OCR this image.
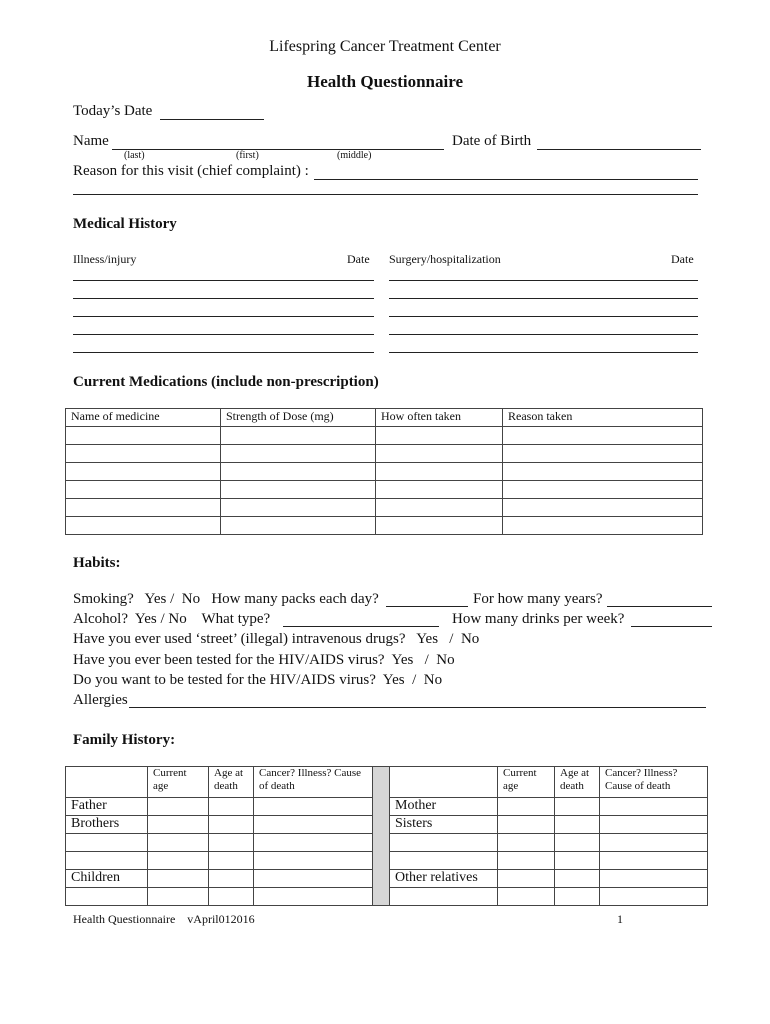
Lifespring Cancer Treatment Center
Health Questionnaire
Today’s Date
Name	Date of Birth
(last)	(first)	(middle)
Reason for this visit (chief complaint) :
Medical History
Illness/injury	Date Surgery/hospitalization	Date
Current Medications (include non-prescription)
Name of medicine	Strength of Dose (mg)	How often taken	Reason taken

Habits:
Smoking?   Yes /  No   How many packs each day?	For how many years?
Alcohol?  Yes / No    What type?	How many drinks per week?
Have you ever used ‘street’ (illegal) intravenous drugs?   Yes   /  No
Have you ever been tested for the HIV/AIDS virus?  Yes   /  No
Do you want to be tested for the HIV/AIDS virus?  Yes  /  No
Allergies
Family History:
	Current age	Age at death	Cancer? Illness? Cause of death			Current age	Age at death	Cancer? Illness? Cause of death
Father					Mother			
Brothers					Sisters			

Children					Other relatives			

Health Questionnaire    vApril012016	1
